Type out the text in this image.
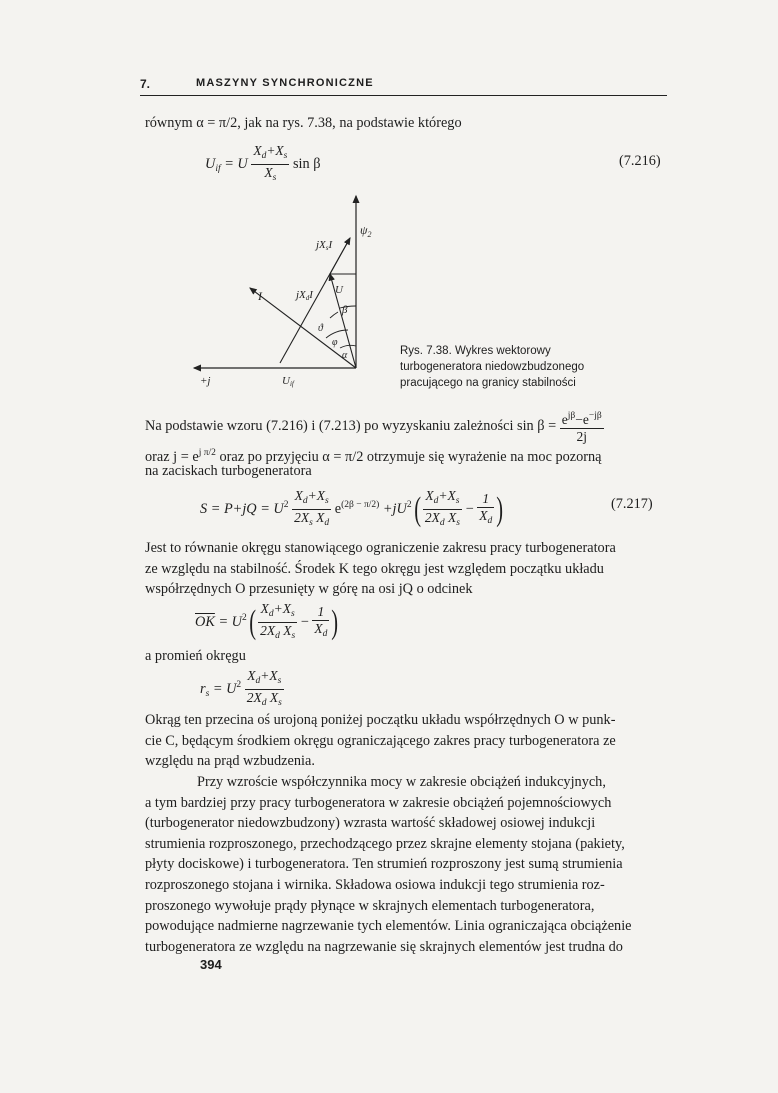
7.	MASZYNY SYNCHRONICZNE
równym α = π/2, jak na rys. 7.38, na podstawie którego
$U_{if} = U \frac{X_d+X_s}{X_s}$ sin β	(7.216)
$\psi_2$
jXsI
jXdI U
I
β
ϑ
φ
α
+j	Uif
Rys. 7.38. Wykres wektorowy
turbogeneratora niedowzbudzonego
pracującego na granicy stabilności
Na podstawie wzoru (7.216) i (7.213) po wyzyskaniu zależności $\sin \beta = \frac{e^{j\beta}-e^{-j\beta}}{2j}$
oraz $j = e^{j \pi/2}$ oraz po przyjęciu α = π/2 otrzymuje się wyrażenie na moc pozorną
na zaciskach turbogeneratora
$S = P+jQ = U^2 \frac{X_d+X_s}{2X_s X_d} e^{(2\beta - \pi/2)} +jU^2( \frac{X_d+X_s}{2X_d X_s} - \frac{1}{X_d}$ )	(7.217)
Jest to równanie okręgu stanowiącego ograniczenie zakresu pracy turbogeneratora
ze względu na stabilność. Środek K tego okręgu jest względem początku układu
współrzędnych O przesunięty w górę na osi jQ o odcinek
$\overline{OK} = U^2( \frac{X_d+X_s}{2X_d X_s} - \frac{1}{X_d}$ )
a promień okręgu
$r_s = U^2 \frac{X_d+X_s}{2X_d X_s}$
Okrąg ten przecina oś urojoną poniżej początku układu współrzędnych O w punk-
cie C, będącym środkiem okręgu ograniczającego zakres pracy turbogeneratora ze
względu na prąd wzbudzenia.
Przy wzroście współczynnika mocy w zakresie obciążeń indukcyjnych,
a tym bardziej przy pracy turbogeneratora w zakresie obciążeń pojemnościowych
(turbogenerator niedowzbudzony) wzrasta wartość składowej osiowej indukcji
strumienia rozproszonego, przechodzącego przez skrajne elementy stojana (pakiety,
płyty dociskowe) i turbogeneratora. Ten strumień rozproszony jest sumą strumienia
rozproszonego stojana i wirnika. Składowa osiowa indukcji tego strumienia roz-
proszonego wywołuje prądy płynące w skrajnych elementach turbogeneratora,
powodujące nadmierne nagrzewanie tych elementów. Linia ograniczająca obciążenie
turbogeneratora ze względu na nagrzewanie się skrajnych elementów jest trudna do
394
